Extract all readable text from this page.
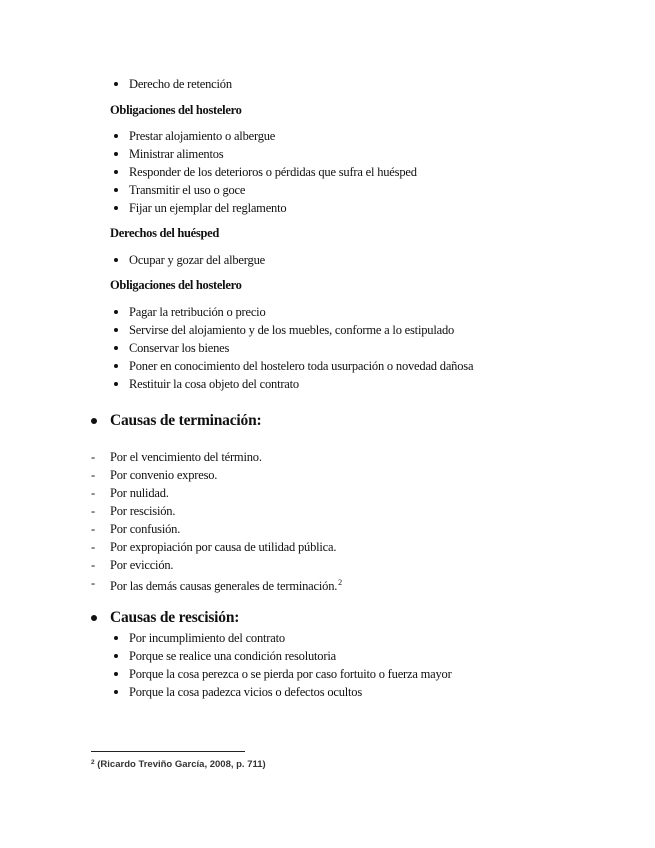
Derecho de retención
Obligaciones del hostelero
Prestar alojamiento o albergue
Ministrar alimentos
Responder de los deterioros o pérdidas que sufra el huésped
Transmitir el uso o goce
Fijar un ejemplar del reglamento
Derechos del huésped
Ocupar y gozar del albergue
Obligaciones del hostelero
Pagar la retribución o precio
Servirse del alojamiento y de los muebles, conforme a lo estipulado
Conservar los bienes
Poner en conocimiento del hostelero toda usurpación o novedad dañosa
Restituir la cosa objeto del contrato
Causas de terminación:
- Por el vencimiento del término.
- Por convenio expreso.
- Por nulidad.
- Por rescisión.
- Por confusión.
- Por expropiación por causa de utilidad pública.
- Por evicción.
- Por las demás causas generales de terminación.$^2$
Causas de rescisión:
Por incumplimiento del contrato
Porque se realice una condición resolutoria
Porque la cosa perezca o se pierda por caso fortuito o fuerza mayor
Porque la cosa padezca vicios o defectos ocultos
$^2$ (Ricardo Treviño García, 2008, p. 711)
